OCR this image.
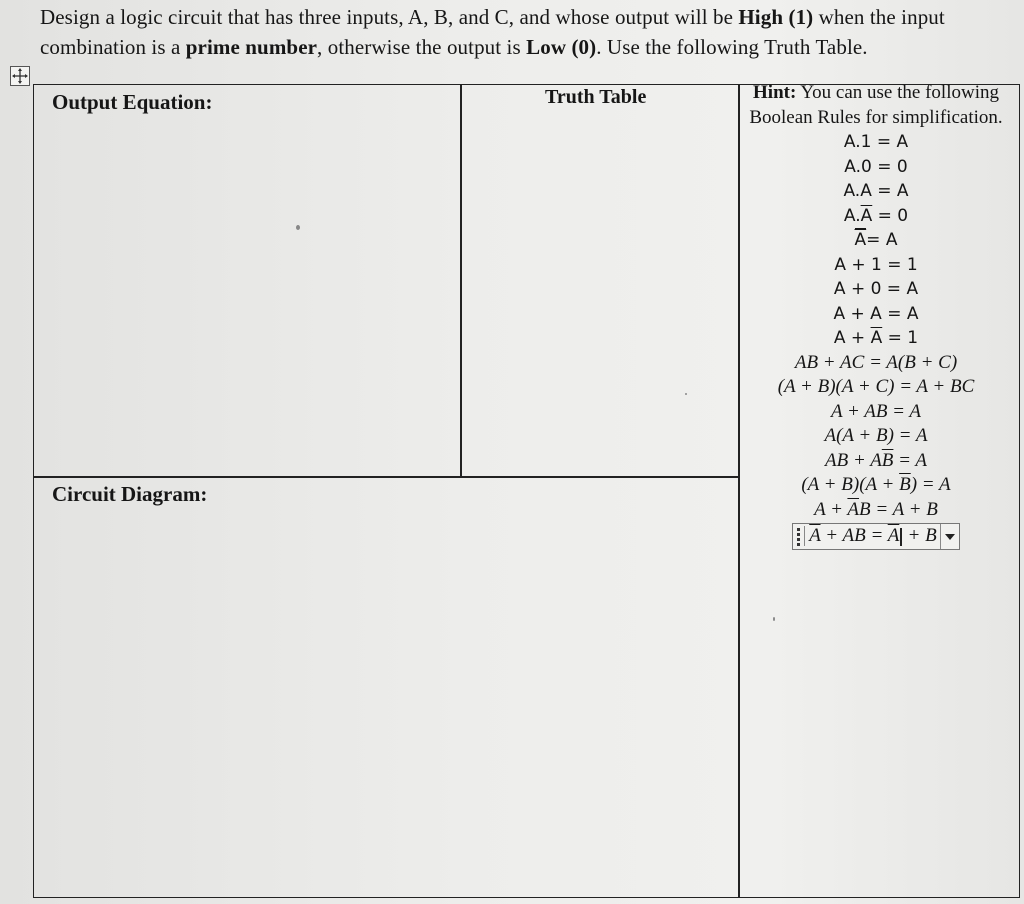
Design a logic circuit that has three inputs, A, B, and C, and whose output will be High (1) when the input combination is a prime number, otherwise the output is Low (0). Use the following Truth Table.
Output Equation:	Truth Table
Circuit Diagram:
Hint: You can use the following Boolean Rules for simplification.
A.1 = A
A.0 = 0
A.A = A
$A.\overline{A} = 0$
$\overline{A}= A$
A + 1 = 1
A + 0 = A
A + A = A
$A + \overline{A} = 1$
AB + AC = A(B + C)
(A + B)(A + C) = A + BC
A + AB = A
A(A + B) = A
AB + $A\overline{B} = A$
$(A + B)(A + \overline{B}) = A$
$A + \overline{A}B = A + B$
$\overline{A}$ + AB = $\overline{A} + B$
